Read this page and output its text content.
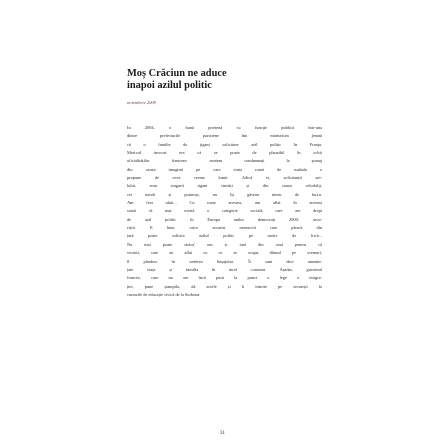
Moș Crăciun ne aduce
inapoi azilul politic

noiembrie 2009

In 2004, o bună prietenă cu funcție publică într-una
dintre prefecturile pariziene îmi mărturisea jenată
că o familie de țigani solicitase azil politic în Franța.
Motivul invocat era că se poate de plauzibil în ochii
oficialităților franceze: suntem condamnați la șomaj
din cauza imaginii pe care etnia romă de mahala o
propune de ceva vreme lumii. Adică ei, solicitanții azi-
lului, erau singurii țigani cinstiți și din cauza celorlalți,
cei nasoli și puturoși, nu își găseau nimic de lucru.
Am fost uluit... Cu toate acestea, am aflat în aceeași
seară că mai există o categorie socială care are drept
de azil politic în Europa anilor democrați 2000: secu-
riștii. E bine, orice securist nenorocit care pleacă din
țară poate solicita azilul politic pe motiv de frică...
Nu mai poate străca' om și iară din casă pentru că
vecinii, care au aflat cu ce se ocupa dânsul pe vremuri,
îl pândesc în vederea linșajului. Îi sunt deci amenin-
țate viața și familia în mod constant. Așadar, guvernul
francez, care nu are încă pusă la punct o lege a imigra-
ției, pune ștampila, dă actele și îi trimite pe securiști la
cursurile de educație civică de la Sorbona.

31
